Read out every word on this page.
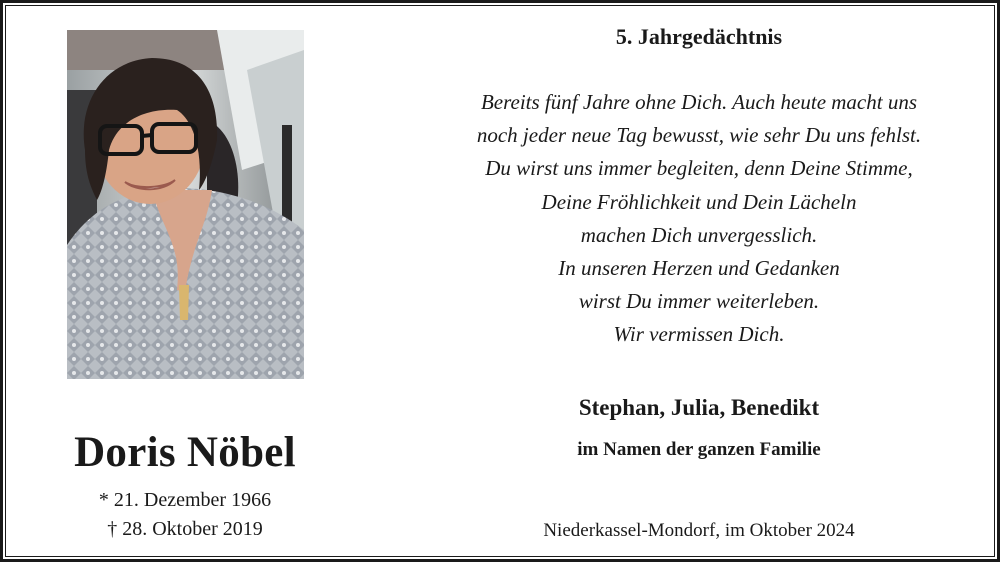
Doris Nöbel
* 21. Dezember 1966
† 28. Oktober 2019
5. Jahrgedächtnis
Bereits fünf Jahre ohne Dich. Auch heute macht uns
noch jeder neue Tag bewusst, wie sehr Du uns fehlst.
Du wirst uns immer begleiten, denn Deine Stimme,
Deine Fröhlichkeit und Dein Lächeln
machen Dich unvergesslich.
In unseren Herzen und Gedanken
wirst Du immer weiterleben.
Wir vermissen Dich.
Stephan, Julia, Benedikt
im Namen der ganzen Familie
Niederkassel-Mondorf, im Oktober 2024
